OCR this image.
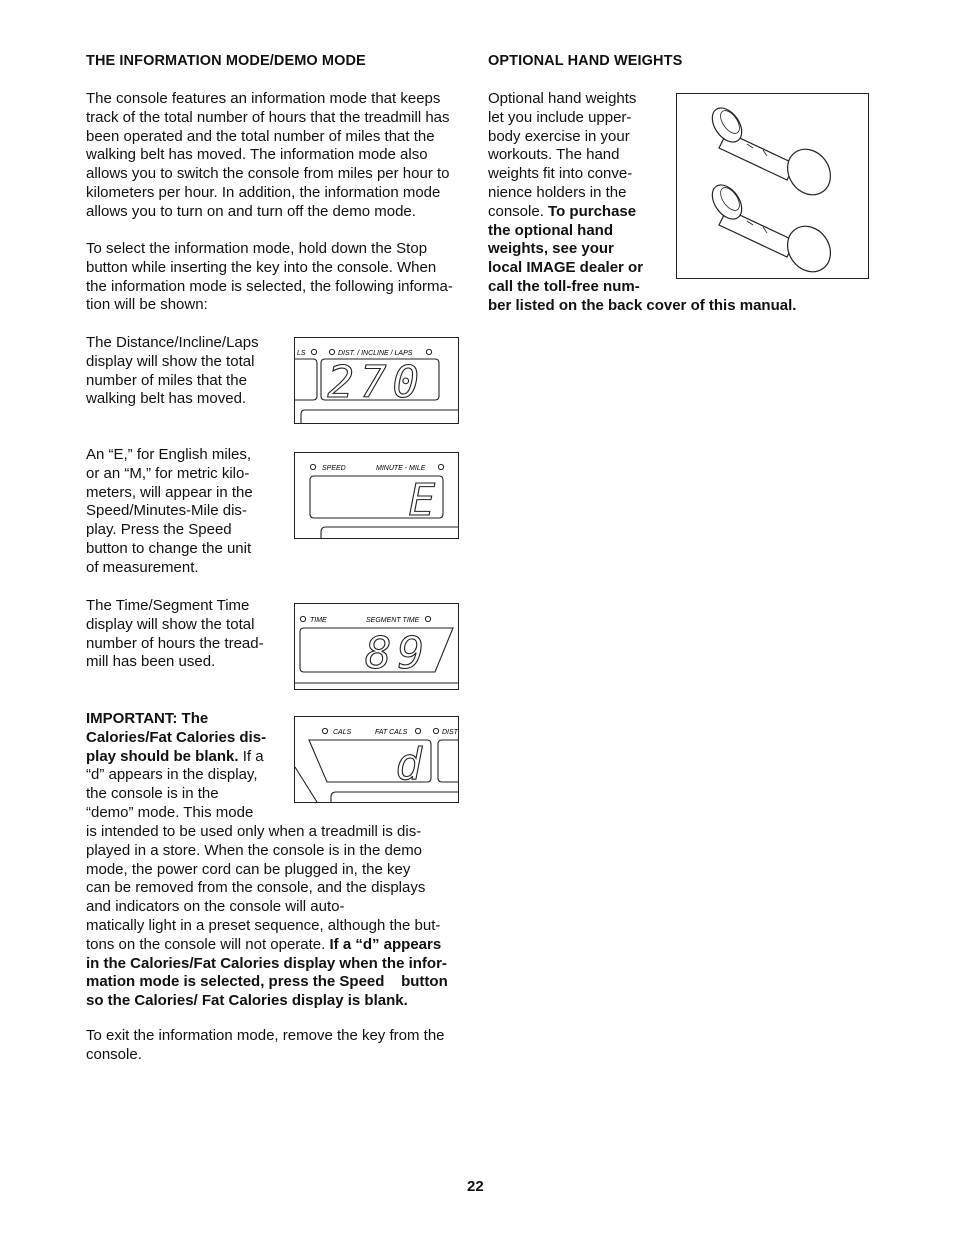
THE INFORMATION MODE/DEMO MODE
The console features an information mode that keeps
track of the total number of hours that the treadmill has
been operated and the total number of miles that the
walking belt has moved. The information mode also
allows you to switch the console from miles per hour to
kilometers per hour. In addition, the information mode
allows you to turn on and turn off the demo mode.
To select the information mode, hold down the Stop
button while inserting the key into the console. When
the information mode is selected, the following informa-
tion will be shown:
The Distance/Incline/Laps
display will show the total
number of miles that the
walking belt has moved.
LS	DIST. / INCLINE / LAPS
270
An “E,” for English miles,
or an “M,” for metric kilo-
meters, will appear in the
Speed/Minutes-Mile dis-
play. Press the Speed
button to change the unit
of measurement.
SPEED	MINUTE - MILE
E
The Time/Segment Time
display will show the total
number of hours the tread-
mill has been used.
TIME	SEGMENT TIME
89
IMPORTANT: The
Calories/Fat Calories dis-
play should be blank. If a
“d” appears in the display,
the console is in the
“demo” mode. This mode
CALS	FAT CALS	DIST
d
is intended to be used only when a treadmill is dis-
played in a store. When the console is in the demo
mode, the power cord can be plugged in, the key
can be removed from the console, and the displays
and indicators on the console will auto-
matically light in a preset sequence, although the but-
tons on the console will not operate. If a “d” appears
in the Calories/Fat Calories display when the infor-
mation mode is selected, press the Speed    button
so the Calories/ Fat Calories display is blank.
To exit the information mode, remove the key from the
console.
OPTIONAL HAND WEIGHTS
Optional hand weights
let you include upper-
body exercise in your
workouts. The hand
weights fit into conve-
nience holders in the
console. To purchase
the optional hand
weights, see your
local IMAGE dealer or
call the toll-free num-
ber listed on the back cover of this manual.
22
